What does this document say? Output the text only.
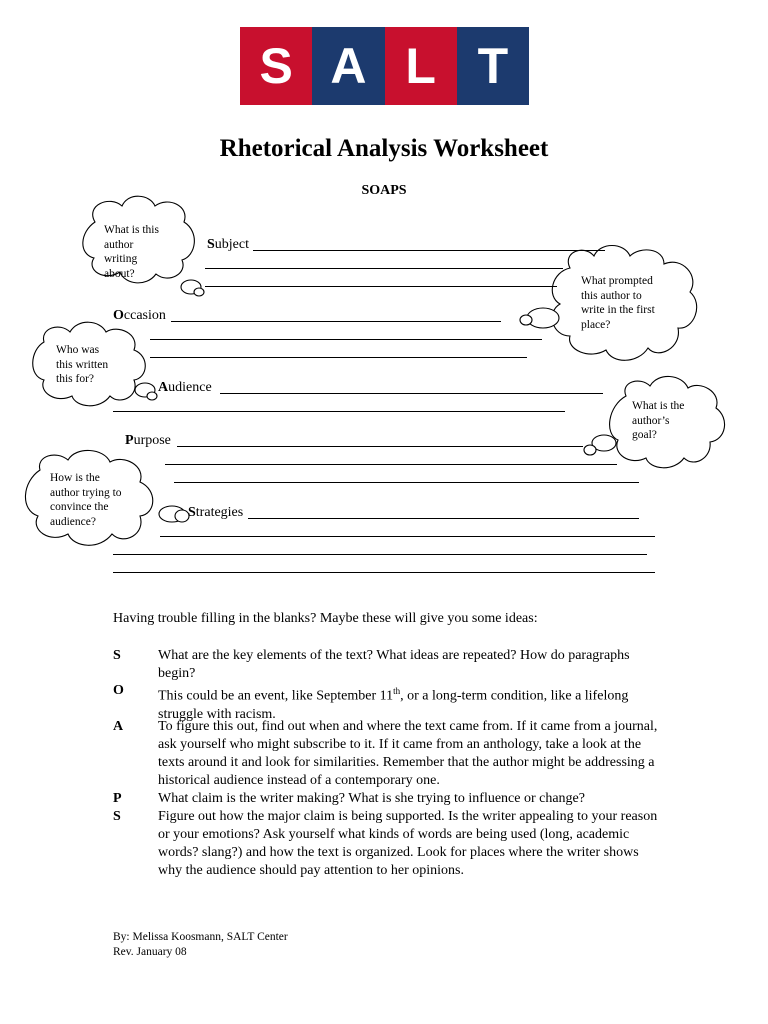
S A L T
Rhetorical Analysis Worksheet
SOAPS
What is this
author
writing
about?
What prompted
this author to
write in the first
place?
Who was
this written
this for?
What is the
author’s
goal?
How is the
author trying to
convince the
audience?
Subject
Occasion
Audience
Purpose
Strategies
Having trouble filling in the blanks? Maybe these will give you some ideas:
S	What are the key elements of the text? What ideas are repeated? How do paragraphs begin?
O This could be an event, like September 11th, or a long-term condition, like a lifelong struggle with racism.
A To figure this out, find out when and where the text came from. If it came from a journal, ask yourself who might subscribe to it. If it came from an anthology, take a look at the texts around it and look for similarities. Remember that the author might be addressing a historical audience instead of a contemporary one.
P	What claim is the writer making? What is she trying to influence or change?
S	Figure out how the major claim is being supported. Is the writer appealing to your reason or your emotions? Ask yourself what kinds of words are being used (long, academic words? slang?) and how the text is organized. Look for places where the writer shows why the audience should pay attention to her opinions.
By: Melissa Koosmann, SALT Center
Rev. January 08
